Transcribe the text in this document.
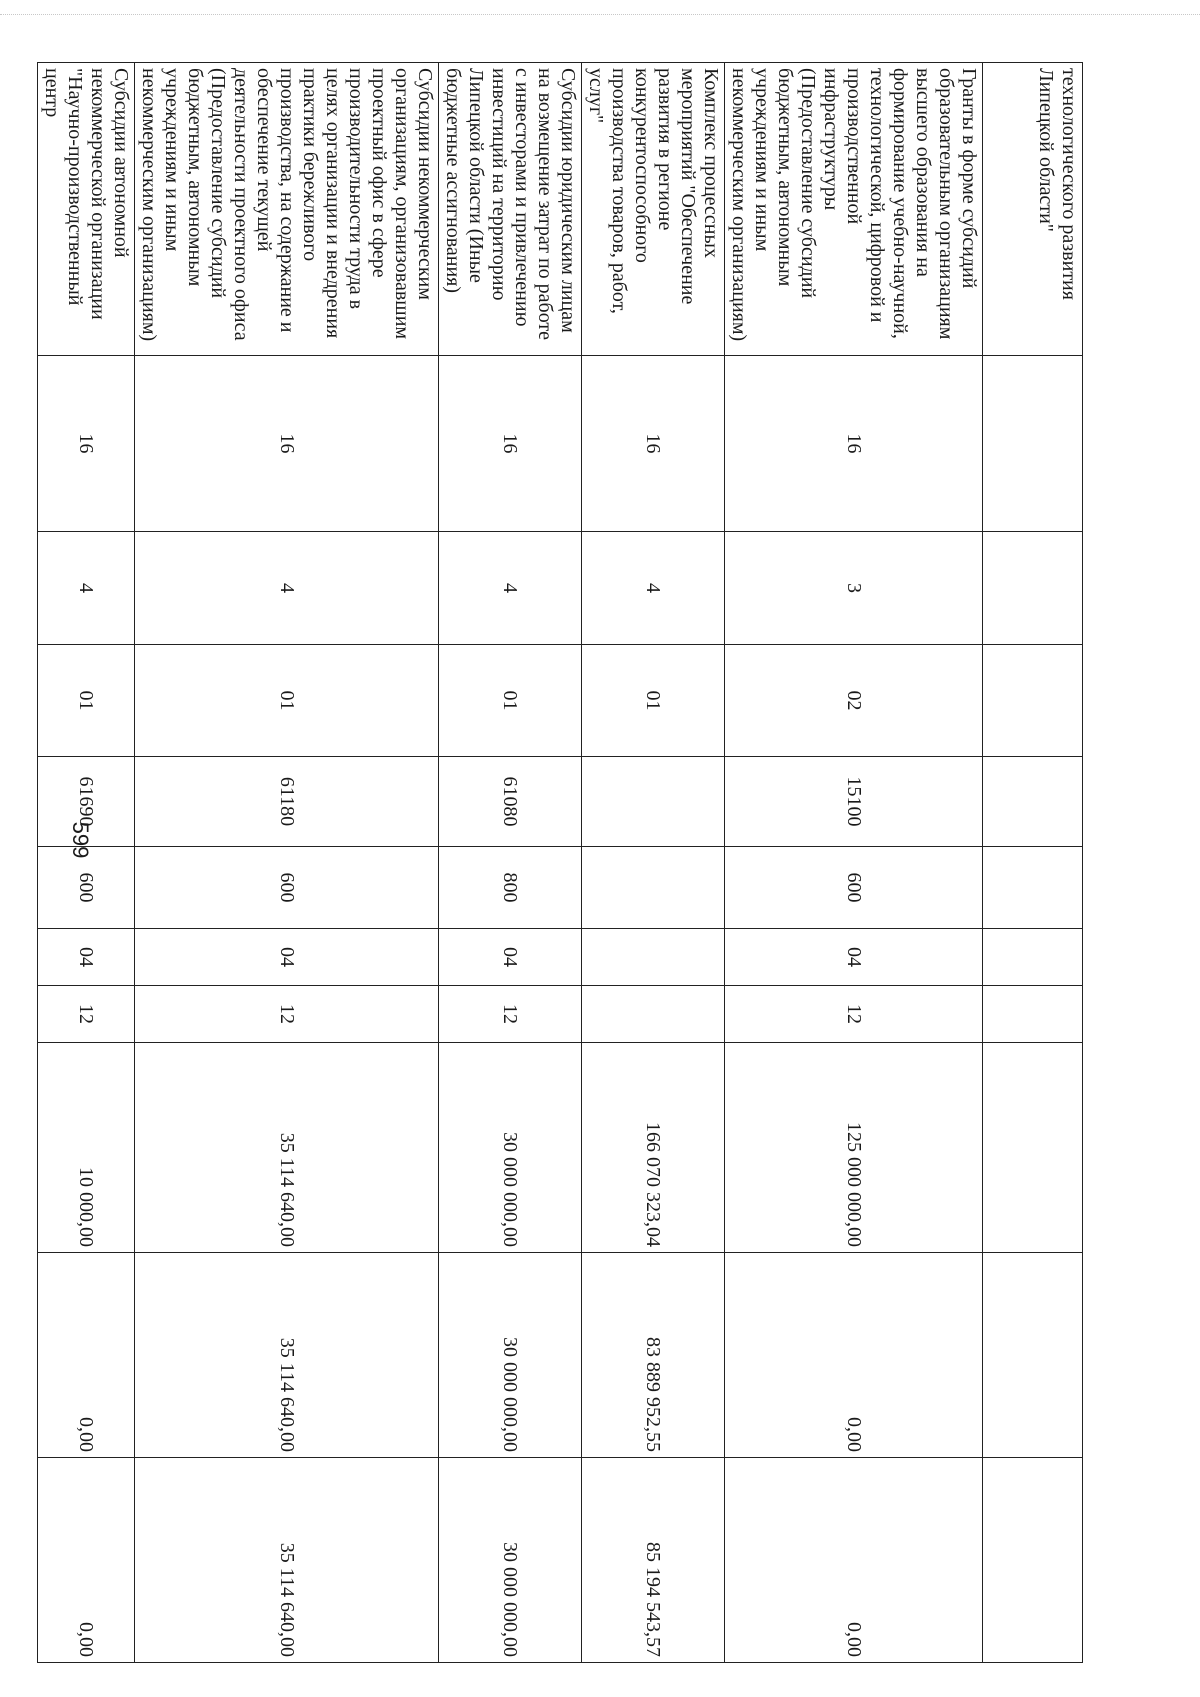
599
технологического развития
Липецкой области"										
Гранты в форме субсидий образовательным организациям высшего образования на формирование учебно-научной, технологической, цифровой и производственной инфраструктуры (Предоставление субсидий бюджетным, автономным учреждениям и иным некоммерческим организациям)	16	3	02	15100	600	04	12	125 000 000,00	0,00	0,00
Комплекс процессных мероприятий "Обеспечение развития в регионе конкурентоспособного производства товаров, работ, услуг"	16	4	01					166 070 323,04	83 889 952,55	85 194 543,57
Субсидии юридическим лицам на возмещение затрат по работе с инвесторами и привлечению инвестиций на территорию Липецкой области (Иные бюджетные ассигнования)	16	4	01	61080	800	04	12	30 000 000,00	30 000 000,00	30 000 000,00
Субсидии некоммерческим организациям, организовавшим проектный офис в сфере производительности труда в целях организации и внедрения практики бережливого производства, на содержание и обеспечение текущей деятельности проектного офиса (Предоставление субсидий бюджетным, автономным учреждениям и иным некоммерческим организациям)	16	4	01	61180	600	04	12	35 114 640,00	35 114 640,00	35 114 640,00
Субсидии автономной некоммерческой организации "Научно-производственный центр	16	4	01	61690	600	04	12	10 000,00	0,00	0,00
